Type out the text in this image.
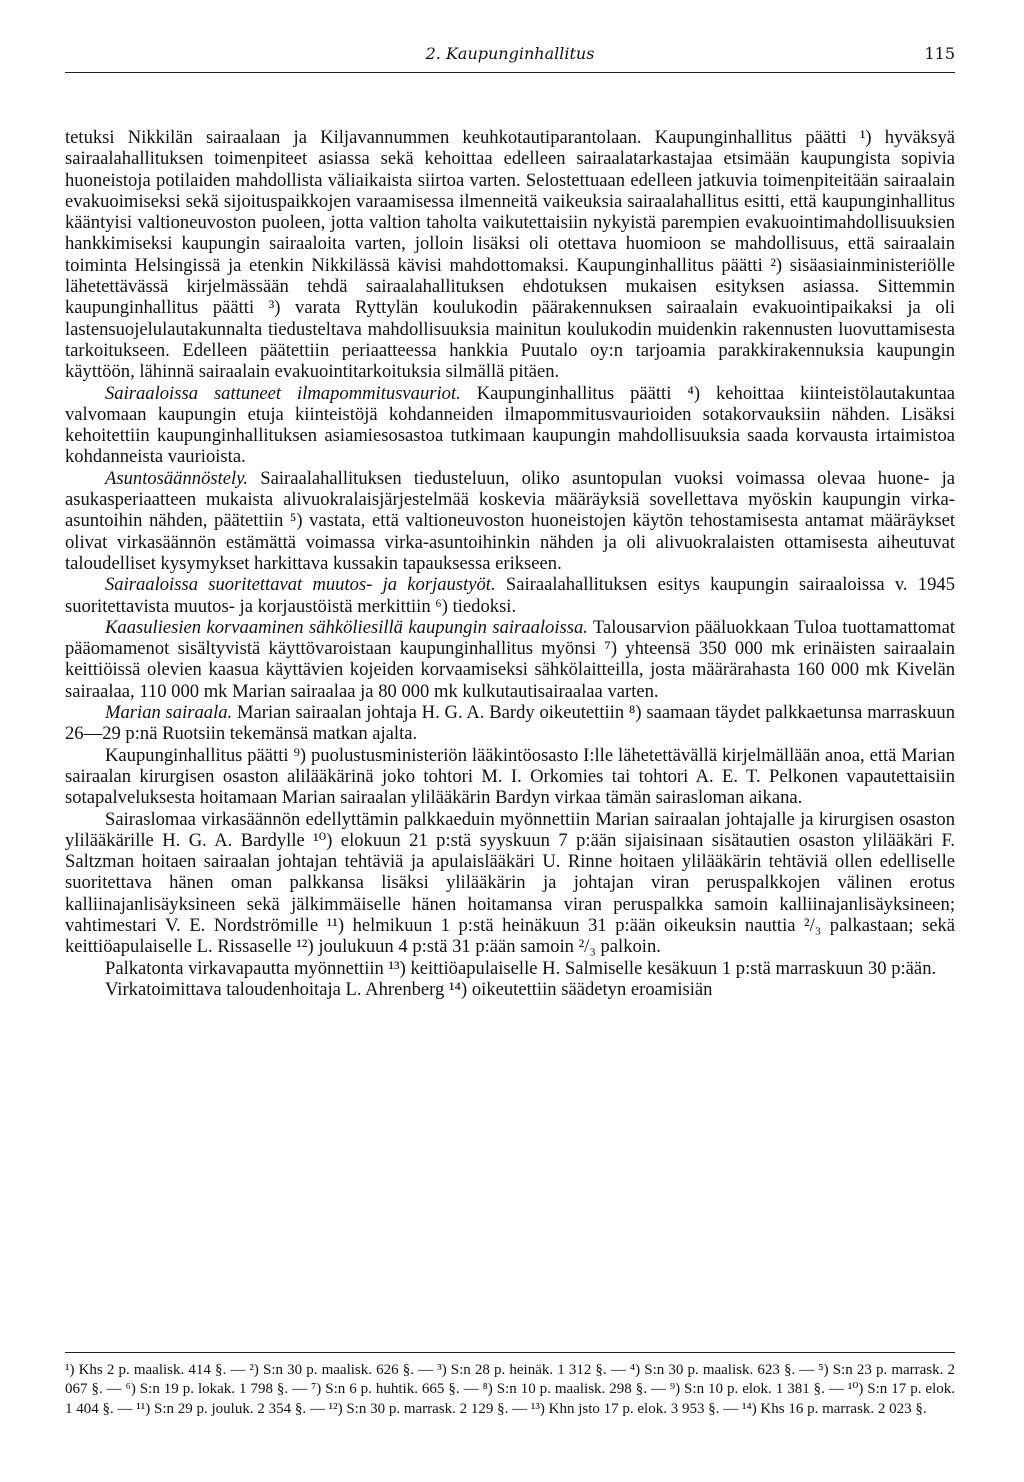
2. Kaupunginhallitus	115

tetuksi Nikkilän sairaalaan ja Kiljavannummen keuhkotautiparantolaan. Kaupunginhallitus päätti ¹) hyväksyä sairaalahallituksen toimenpiteet asiassa sekä kehoittaa edelleen sairaalatarkastajaa etsimään kaupungista sopivia huoneistoja potilaiden mahdollista väliaikaista siirtoa varten. Selostettuaan edelleen jatkuvia toimenpiteitään sairaalain evakuoimiseksi sekä sijoituspaikkojen varaamisessa ilmenneitä vaikeuksia sairaalahallitus esitti, että kaupunginhallitus kääntyisi valtioneuvoston puoleen, jotta valtion taholta vaikutettaisiin nykyistä parempien evakuointimahdollisuuksien hankkimiseksi kaupungin sairaaloita varten, jolloin lisäksi oli otettava huomioon se mahdollisuus, että sairaalain toiminta Helsingissä ja etenkin Nikkilässä kävisi mahdottomaksi. Kaupunginhallitus päätti ²) sisäasiainministeriölle lähetettävässä kirjelmässään tehdä sairaalahallituksen ehdotuksen mukaisen esityksen asiassa. Sittemmin kaupunginhallitus päätti ³) varata Ryttylän koulukodin päärakennuksen sairaalain evakuointipaikaksi ja oli lastensuojelulautakunnalta tiedusteltava mahdollisuuksia mainitun koulukodin muidenkin rakennusten luovuttamisesta tarkoitukseen. Edelleen päätettiin periaatteessa hankkia Puutalo oy:n tarjoamia parakkirakennuksia kaupungin käyttöön, lähinnä sairaalain evakuointitarkoituksia silmällä pitäen.

Sairaaloissa sattuneet ilmapommitusvauriot. Kaupunginhallitus päätti ⁴) kehoittaa kiinteistölautakuntaa valvomaan kaupungin etuja kiinteistöjä kohdanneiden ilmapommitusvaurioiden sotakorvauksiin nähden. Lisäksi kehoitettiin kaupunginhallituksen asiamiesosastoa tutkimaan kaupungin mahdollisuuksia saada korvausta irtaimistoa kohdanneista vaurioista.

Asuntosäännöstely. Sairaalahallituksen tiedusteluun, oliko asuntopulan vuoksi voimassa olevaa huone- ja asukasperiaatteen mukaista alivuokralaisjärjestelmää koskevia määräyksiä sovellettava myöskin kaupungin virka-asuntoihin nähden, päätettiin ⁵) vastata, että valtioneuvoston huoneistojen käytön tehostamisesta antamat määräykset olivat virkasäännön estämättä voimassa virka-asuntoihinkin nähden ja oli alivuokralaisten ottamisesta aiheutuvat taloudelliset kysymykset harkittava kussakin tapauksessa erikseen.

Sairaaloissa suoritettavat muutos- ja korjaustyöt. Sairaalahallituksen esitys kaupungin sairaaloissa v. 1945 suoritettavista muutos- ja korjaustöistä merkittiin ⁶) tiedoksi.

Kaasuliesien korvaaminen sähköliesillä kaupungin sairaaloissa. Talousarvion pääluokkaan Tuloa tuottamattomat pääomamenot sisältyvistä käyttövaroistaan kaupunginhallitus myönsi ⁷) yhteensä 350 000 mk erinäisten sairaalain keittiöissä olevien kaasua käyttävien kojeiden korvaamiseksi sähkölaitteilla, josta määrärahasta 160 000 mk Kivelän sairaalaa, 110 000 mk Marian sairaalaa ja 80 000 mk kulkutautisairaalaa varten.

Marian sairaala. Marian sairaalan johtaja H. G. A. Bardy oikeutettiin ⁸) saamaan täydet palkkaetunsa marraskuun 26—29 p:nä Ruotsiin tekemänsä matkan ajalta.

Kaupunginhallitus päätti ⁹) puolustusministeriön lääkintöosasto I:lle lähetettävällä kirjelmällään anoa, että Marian sairaalan kirurgisen osaston alilääkärinä joko tohtori M. I. Orkomies tai tohtori A. E. T. Pelkonen vapautettaisiin sotapalveluksesta hoitamaan Marian sairaalan ylilääkärin Bardyn virkaa tämän sairasloman aikana.

Sairaslomaa virkasäännön edellyttämin palkkaeduin myönnettiin Marian sairaalan johtajalle ja kirurgisen osaston ylilääkärille H. G. A. Bardylle ¹⁰) elokuun 21 p:stä syyskuun 7 p:ään sijaisinaan sisätautien osaston ylilääkäri F. Saltzman hoitaen sairaalan johtajan tehtäviä ja apulaislääkäri U. Rinne hoitaen ylilääkärin tehtäviä ollen edelliselle suoritettava hänen oman palkkansa lisäksi ylilääkärin ja johtajan viran peruspalkkojen välinen erotus kalliinajanlisäyksineen sekä jälkimmäiselle hänen hoitamansa viran peruspalkka samoin kalliinajanlisäyksineen; vahtimestari V. E. Nordströmille ¹¹) helmikuun 1 p:stä heinäkuun 31 p:ään oikeuksin nauttia ²/₃ palkastaan; sekä keittiöapulaiselle L. Rissaselle ¹²) joulukuun 4 p:stä 31 p:ään samoin ²/₃ palkoin.

Palkatonta virkavapautta myönnettiin ¹³) keittiöapulaiselle H. Salmiselle kesäkuun 1 p:stä marraskuun 30 p:ään.

Virkatoimittava taloudenhoitaja L. Ahrenberg ¹⁴) oikeutettiin säädetyn eroamisiän

¹) Khs 2 p. maalisk. 414 §. — ²) S:n 30 p. maalisk. 626 §. — ³) S:n 28 p. heinäk. 1 312 §. — ⁴) S:n 30 p. maalisk. 623 §. — ⁵) S:n 23 p. marrask. 2 067 §. — ⁶) S:n 19 p. lokak. 1 798 §. — ⁷) S:n 6 p. huhtik. 665 §. — ⁸) S:n 10 p. maalisk. 298 §. — ⁹) S:n 10 p. elok. 1 381 §. — ¹⁰) S:n 17 p. elok. 1 404 §. — ¹¹) S:n 29 p. jouluk. 2 354 §. — ¹²) S:n 30 p. marrask. 2 129 §. — ¹³) Khn jsto 17 p. elok. 3 953 §. — ¹⁴) Khs 16 p. marrask. 2 023 §.
